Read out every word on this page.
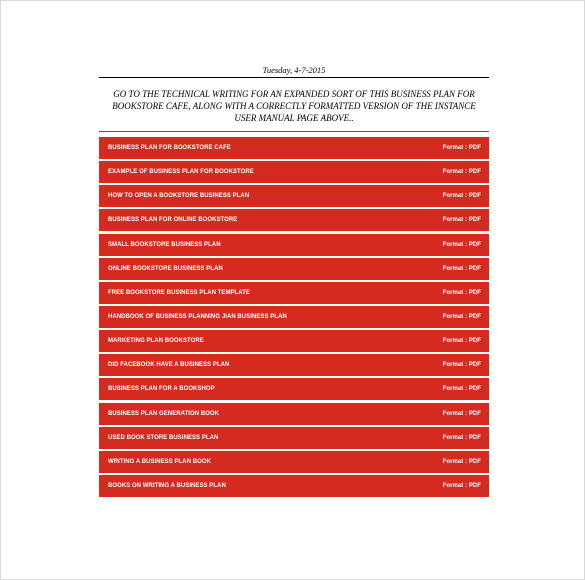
Tuesday, 4-7-2015
GO TO THE TECHNICAL WRITING FOR AN EXPANDED SORT OF THIS BUSINESS PLAN FOR BOOKSTORE CAFE, ALONG WITH A CORRECTLY FORMATTED VERSION OF THE INSTANCE USER MANUAL PAGE ABOVE..
BUSINESS PLAN FOR BOOKSTORE CAFE	Format : PDF
EXAMPLE OF BUSINESS PLAN FOR BOOKSTORE	Format : PDF
HOW TO OPEN A BOOKSTORE BUSINESS PLAN	Format : PDF
BUSINESS PLAN FOR ONLINE BOOKSTORE	Format : PDF
SMALL BOOKSTORE BUSINESS PLAN	Format : PDF
ONLINE BOOKSTORE BUSINESS PLAN	Format : PDF
FREE BOOKSTORE BUSINESS PLAN TEMPLATE	Format : PDF
HANDBOOK OF BUSINESS PLANNING JIAN BUSINESS PLAN	Format : PDF
MARKETING PLAN BOOKSTORE	Format : PDF
DID FACEBOOK HAVE A BUSINESS PLAN	Format : PDF
BUSINESS PLAN FOR A BOOKSHOP	Format : PDF
BUSINESS PLAN GENERATION BOOK	Format : PDF
USED BOOK STORE BUSINESS PLAN	Format : PDF
WRITING A BUSINESS PLAN BOOK	Format : PDF
BOOKS ON WRITING A BUSINESS PLAN	Format : PDF
